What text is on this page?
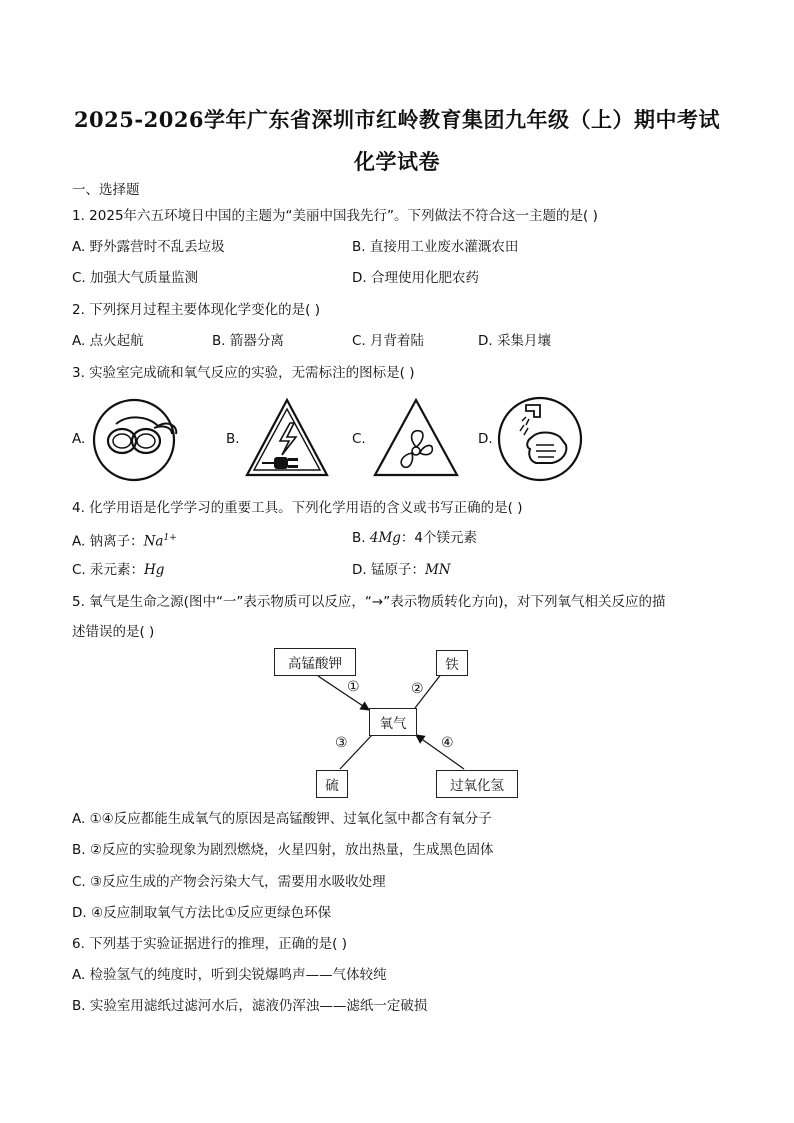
2025-2026学年广东省深圳市红岭教育集团九年级（上）期中考试
化学试卷
一、选择题
1. 2025年六五环境日中国的主题为“美丽中国我先行”。下列做法不符合这一主题的是( )
A. 野外露营时不乱丢垃圾	B. 直接用工业废水灌溉农田
C. 加强大气质量监测	D. 合理使用化肥农药
2. 下列探月过程主要体现化学变化的是( )
A. 点火起航	B. 箭器分离	C. 月背着陆	D. 采集月壤
3. 实验室完成硫和氧气反应的实验，无需标注的图标是( )
A.	B.	C.	D.
4. 化学用语是化学学习的重要工具。下列化学用语的含义或书写正确的是( )
A. 钠离子：$Na^{1+}$	B. 4Mg：4个镁元素
C. 汞元素：Hg	D. 锰原子：MN
5. 氧气是生命之源(图中“一”表示物质可以反应，“→”表示物质转化方向)，对下列氧气相关反应的描
述错误的是( )
高锰酸钾	铁
氧气
硫	过氧化氢
①	②
③	④
A. ①④反应都能生成氧气的原因是高锰酸钾、过氧化氢中都含有氧分子
B. ②反应的实验现象为剧烈燃烧，火星四射，放出热量，生成黑色固体
C. ③反应生成的产物会污染大气，需要用水吸收处理
D. ④反应制取氧气方法比①反应更绿色环保
6. 下列基于实验证据进行的推理，正确的是( )
A. 检验氢气的纯度时，听到尖锐爆鸣声——气体较纯
B. 实验室用滤纸过滤河水后，滤液仍浑浊——滤纸一定破损
